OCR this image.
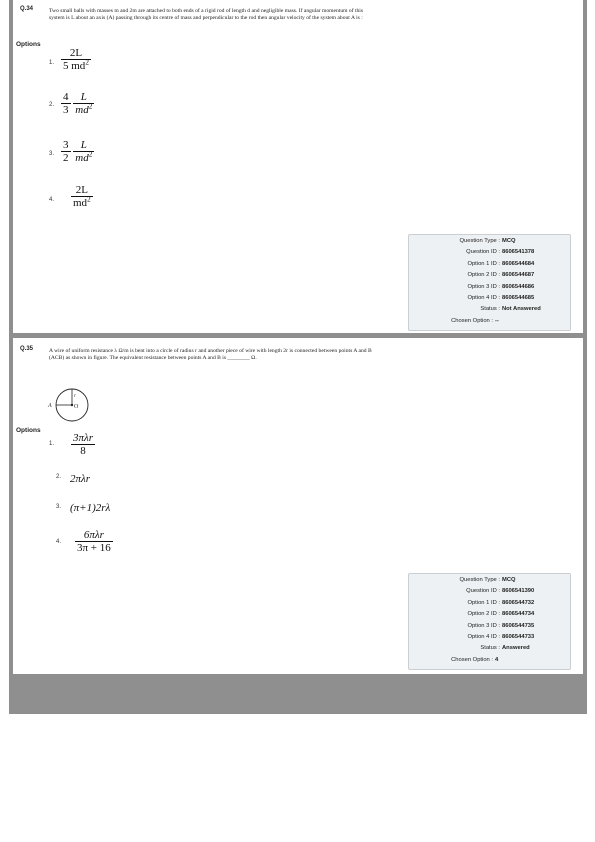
Q.34	Two small balls with masses m and 2m are attached to both ends of a rigid rod of length d and negligible mass. If angular momentum of this system is L about an axis (A) passing through its centre of mass and perpendicular to the rod then angular velocity of the system about A is :
Options
1. $\frac{2L}{5 md^2}$
2. $\frac{4}{3}$
$\frac{L}{md^2}$
3. $\frac{3}{2}$
$\frac{L}{md^2}$
4. $\frac{2L}{md^2}$
Question Type : MCQ
Question ID : 8606541378
Option 1 ID : 8606544684
Option 2 ID : 8606544687
Option 3 ID : 8606544686
Option 4 ID : 8606544685
Status : Not Answered
Chosen Option : --
Q.35	A wire of uniform resistance λ Ω/m is bent into a circle of radius r and another piece of wire with length 2r is connected between points A and B (ACB) as shown in figure. The equivalent resistance between points A and B is ________ Ω.
A	O
r
Options
1. $\frac{\text{3πλr}}{8}$
2. 2πλr
3. (π+1)2rλ
4. $\frac{\text{6πλr}}{3\pi + 16}$
Question Type : MCQ
Question ID : 8606541390
Option 1 ID : 8606544732
Option 2 ID : 8606544734
Option 3 ID : 8606544735
Option 4 ID : 8606544733
Status : Answered
Chosen Option : 4
